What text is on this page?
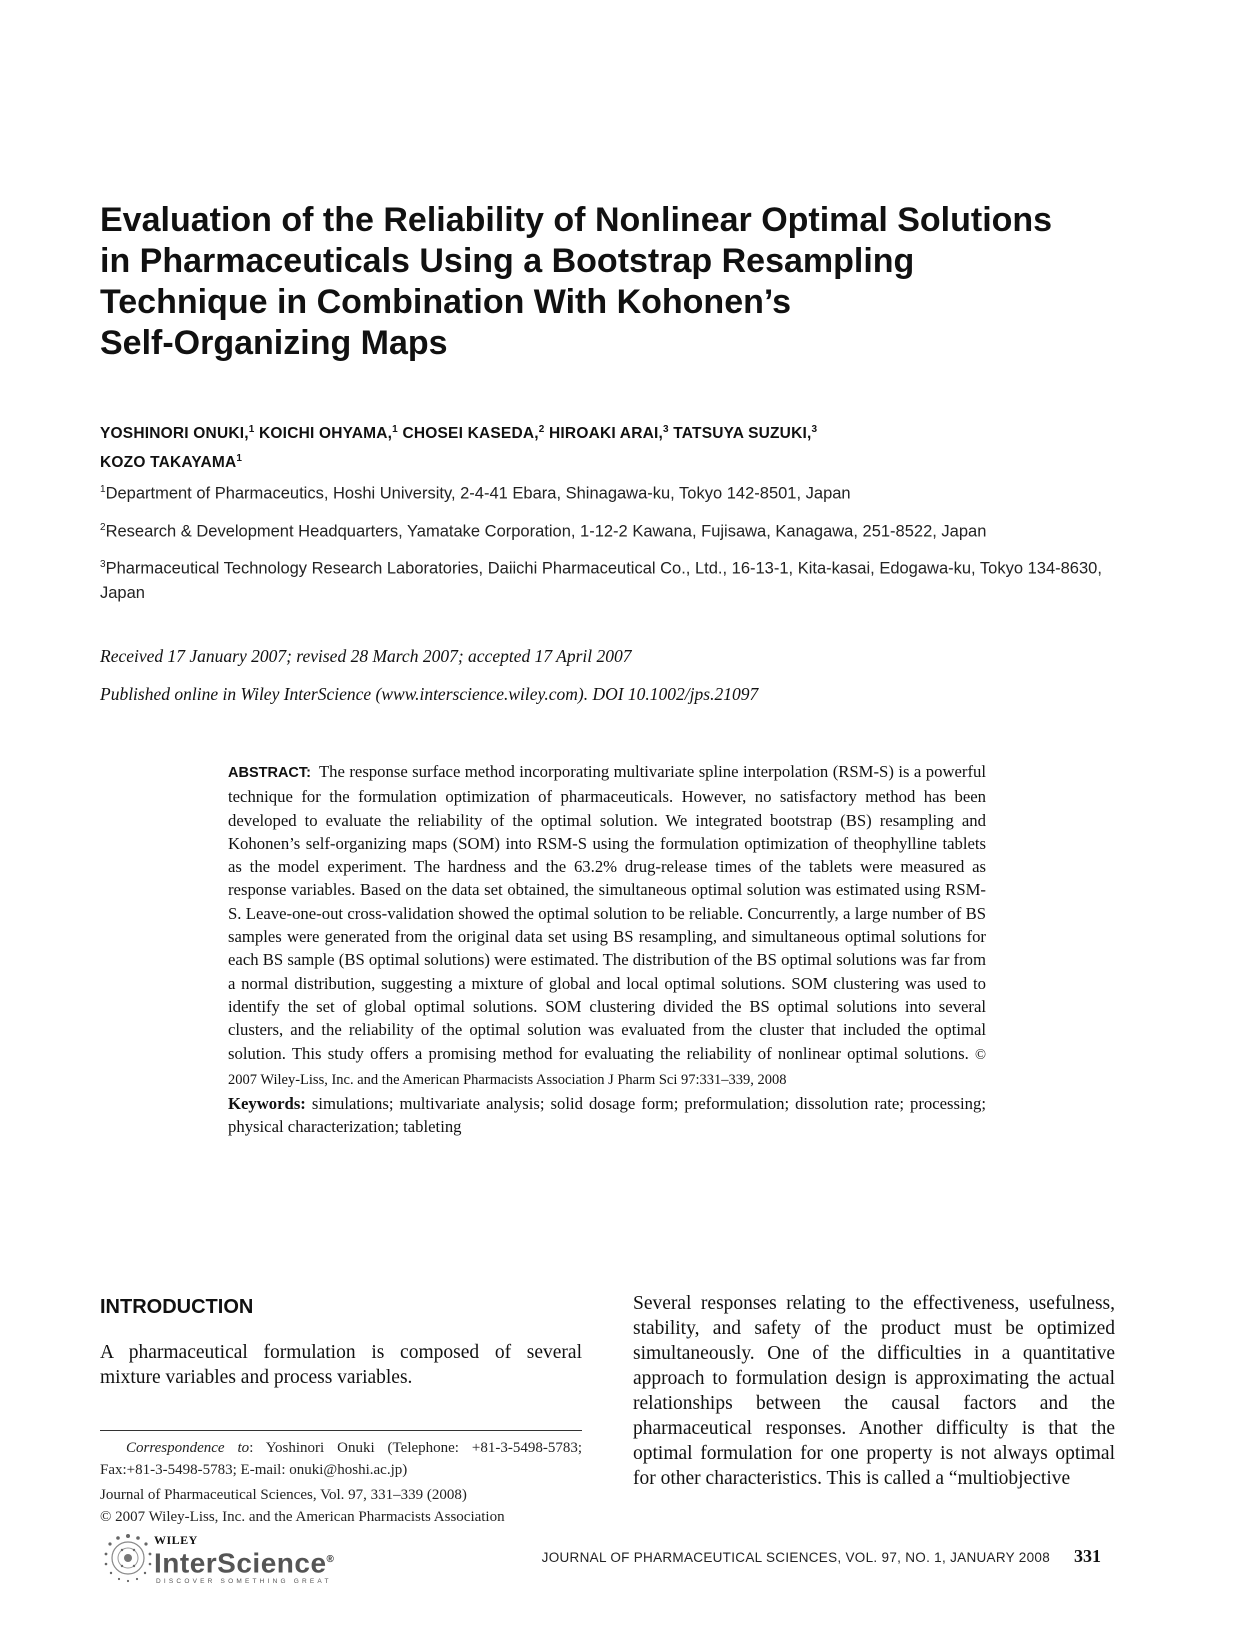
Evaluation of the Reliability of Nonlinear Optimal Solutions
in Pharmaceuticals Using a Bootstrap Resampling
Technique in Combination With Kohonen’s
Self-Organizing Maps
YOSHINORI ONUKI,$^1$ KOICHI OHYAMA,$^1$ CHOSEI KASEDA,$^2$ HIROAKI ARAI,$^3$ TATSUYA SUZUKI,$^3$
KOZO TAKAYAMA$^1$
$^1$Department of Pharmaceutics, Hoshi University, 2-4-41 Ebara, Shinagawa-ku, Tokyo 142-8501, Japan
$^2$Research & Development Headquarters, Yamatake Corporation, 1-12-2 Kawana, Fujisawa, Kanagawa, 251-8522, Japan
$^3$Pharmaceutical Technology Research Laboratories, Daiichi Pharmaceutical Co., Ltd., 16-13-1, Kita-kasai, Edogawa-ku, Tokyo 134-8630, Japan
Received 17 January 2007; revised 28 March 2007; accepted 17 April 2007
Published online in Wiley InterScience (www.interscience.wiley.com). DOI 10.1002/jps.21097
ABSTRACT: The response surface method incorporating multivariate spline interpolation (RSM-S) is a powerful technique for the formulation optimization of pharmaceuticals. However, no satisfactory method has been developed to evaluate the reliability of the optimal solution. We integrated bootstrap (BS) resampling and Kohonen’s self-organizing maps (SOM) into RSM-S using the formulation optimization of theophylline tablets as the model experiment. The hardness and the 63.2% drug-release times of the tablets were measured as response variables. Based on the data set obtained, the simultaneous optimal solution was estimated using RSM-S. Leave-one-out cross-validation showed the optimal solution to be reliable. Concurrently, a large number of BS samples were generated from the original data set using BS resampling, and simultaneous optimal solutions for each BS sample (BS optimal solutions) were estimated. The distribution of the BS optimal solutions was far from a normal distribution, suggesting a mixture of global and local optimal solutions. SOM clustering was used to identify the set of global optimal solutions. SOM clustering divided the BS optimal solutions into several clusters, and the reliability of the optimal solution was evaluated from the cluster that included the optimal solution. This study offers a promising method for evaluating the reliability of nonlinear optimal solutions. © 2007 Wiley-Liss, Inc. and the American Pharmacists Association J Pharm Sci 97:331–339, 2008
Keywords: simulations; multivariate analysis; solid dosage form; preformulation; dissolution rate; processing; physical characterization; tableting
INTRODUCTION
A pharmaceutical formulation is composed of several mixture variables and process variables.
Several responses relating to the effectiveness, usefulness, stability, and safety of the product must be optimized simultaneously. One of the difficulties in a quantitative approach to formulation design is approximating the actual relationships between the causal factors and the pharmaceutical responses. Another difficulty is that the optimal formulation for one property is not always optimal for other characteristics. This is called a “multiobjective

Correspondence to: Yoshinori Onuki (Telephone: +81-3-5498-5783; Fax:+81-3-5498-5783; E-mail: onuki@hoshi.ac.jp)

Journal of Pharmaceutical Sciences, Vol. 97, 331–339 (2008)

© 2007 Wiley-Liss, Inc. and the American Pharmacists Association

WILEY
InterScience®
DISCOVER SOMETHING GREAT
JOURNAL OF PHARMACEUTICAL SCIENCES, VOL. 97, NO. 1, JANUARY 2008 331
